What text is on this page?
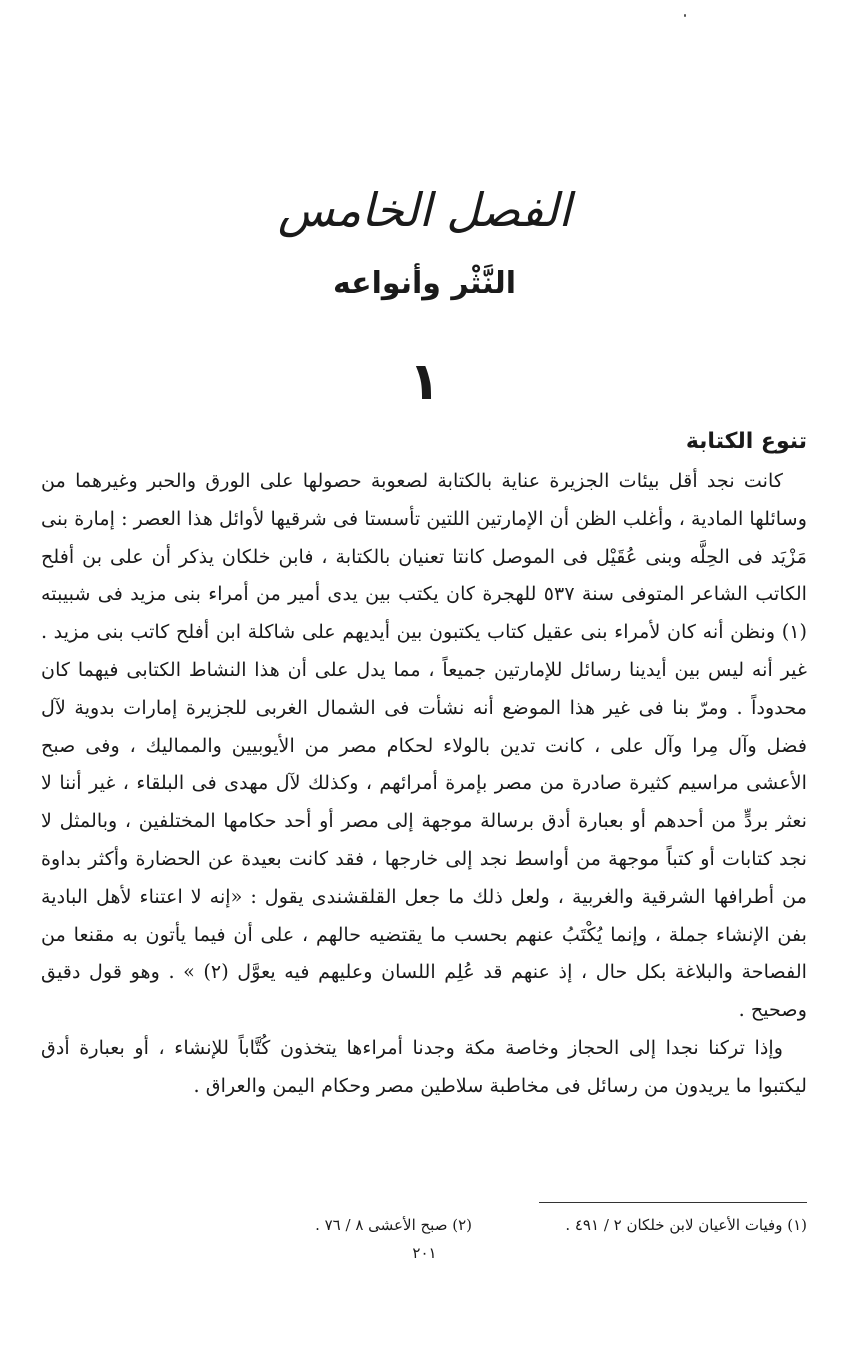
الفصل الخامس
النَّثْر وأنواعه
١
تنوع الكتابة

كانت نجد أقل بيئات الجزيرة عناية بالكتابة لصعوبة حصولها على الورق والحبر وغيرهما من وسائلها المادية ، وأغلب الظن أن الإمارتين اللتين تأسستا فى شرقيها لأوائل هذا العصر : إمارة بنى مَزْيَد فى الحِلَّه وبنى عُقَيْل فى الموصل كانتا تعنيان بالكتابة ، فابن خلكان يذكر أن على بن أفلح الكاتب الشاعر المتوفى سنة ٥٣٧ للهجرة كان يكتب بين يدى أمير من أمراء بنى مزيد فى شبيبته (١) ونظن أنه كان لأمراء بنى عقيل كتاب يكتبون بين أيديهم على شاكلة ابن أفلح كاتب بنى مزيد . غير أنه ليس بين أيدينا رسائل للإمارتين جميعاً ، مما يدل على أن هذا النشاط الكتابى فيهما كان محدوداً . ومرّ بنا فى غير هذا الموضع أنه نشأت فى الشمال الغربى للجزيرة إمارات بدوية لآل فضل وآل مِرا وآل على ، كانت تدين بالولاء لحكام مصر من الأيوبيين والمماليك ، وفى صبح الأعشى مراسيم كثيرة صادرة من مصر بإمرة أمرائهم ، وكذلك لآل مهدى فى البلقاء ، غير أننا لا نعثر بردٍّ من أحدهم أو بعبارة أدق برسالة موجهة إلى مصر أو أحد حكامها المختلفين ، وبالمثل لا نجد كتابات أو كتباً موجهة من أواسط نجد إلى خارجها ، فقد كانت بعيدة عن الحضارة وأكثر بداوة من أطرافها الشرقية والغربية ، ولعل ذلك ما جعل القلقشندى يقول : «إنه لا اعتناء لأهل البادية بفن الإنشاء جملة ، وإنما يُكْتَبُ عنهم بحسب ما يقتضيه حالهم ، على أن فيما يأتون به مقنعا من الفصاحة والبلاغة بكل حال ، إذ عنهم قد عُلِم اللسان وعليهم فيه يعوَّل (٢) » . وهو قول دقيق وصحيح .

وإذا تركنا نجدا إلى الحجاز وخاصة مكة وجدنا أمراءها يتخذون كُتَّاباً للإنشاء ، أو بعبارة أدق ليكتبوا ما يريدون من رسائل فى مخاطبة سلاطين مصر وحكام اليمن والعراق .

(١) وفيات الأعيان لابن خلكان ٢ / ٤٩١ .
(٢) صبح الأعشى ٨ / ٧٦ .
٢٠١
